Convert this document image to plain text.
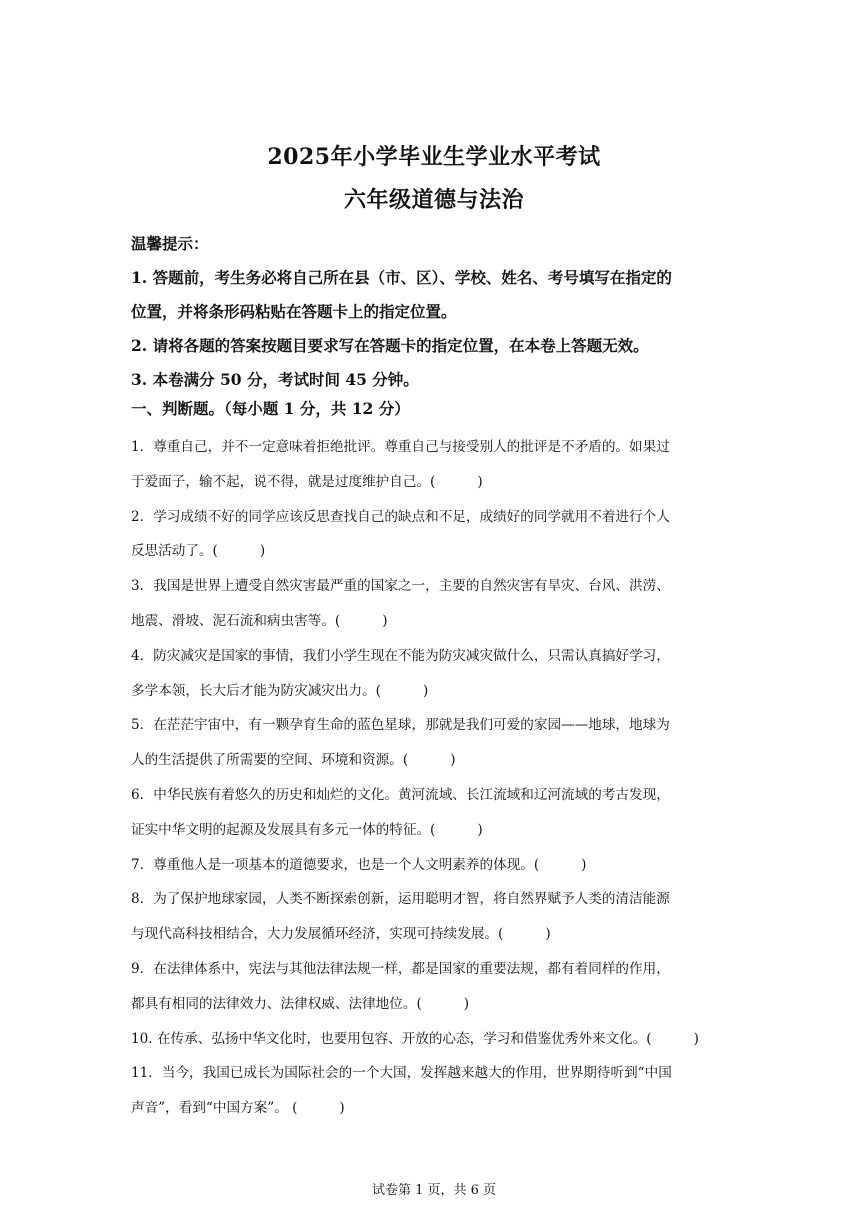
2025年小学毕业生学业水平考试
六年级道德与法治
温馨提示：
1. 答题前，考生务必将自己所在县（市、区）、学校、姓名、考号填写在指定的
位置，并将条形码粘贴在答题卡上的指定位置。
2. 请将各题的答案按题目要求写在答题卡的指定位置，在本卷上答题无效。
3. 本卷满分 50 分，考试时间 45 分钟。
一、判断题。（每小题 1 分，共 12 分）
1．尊重自己，并不一定意味着拒绝批评。尊重自己与接受别人的批评是不矛盾的。如果过
于爱面子，输不起，说不得，就是过度维护自己。(	)
2．学习成绩不好的同学应该反思查找自己的缺点和不足，成绩好的同学就用不着进行个人
反思活动了。(	)
3．我国是世界上遭受自然灾害最严重的国家之一，主要的自然灾害有旱灾、台风、洪涝、
地震、滑坡、泥石流和病虫害等。(	)
4．防灾减灾是国家的事情，我们小学生现在不能为防灾减灾做什么，只需认真搞好学习，
多学本领，长大后才能为防灾减灾出力。(	)
5．在茫茫宇宙中，有一颗孕育生命的蓝色星球，那就是我们可爱的家园——地球，地球为
人的生活提供了所需要的空间、环境和资源。(	)
6．中华民族有着悠久的历史和灿烂的文化。黄河流域、长江流域和辽河流域的考古发现，
证实中华文明的起源及发展具有多元一体的特征。(	)
7．尊重他人是一项基本的道德要求，也是一个人文明素养的体现。(	)
8．为了保护地球家园，人类不断探索创新，运用聪明才智，将自然界赋予人类的清洁能源
与现代高科技相结合，大力发展循环经济，实现可持续发展。(	)
9．在法律体系中，宪法与其他法律法规一样，都是国家的重要法规，都有着同样的作用，
都具有相同的法律效力、法律权威、法律地位。(	)
10. 在传承、弘扬中华文化时，也要用包容、开放的心态，学习和借鉴优秀外来文化。(	)
11．当今，我国已成长为国际社会的一个大国，发挥越来越大的作用，世界期待听到“中国
声音”，看到“中国方案”。 (	)
试卷第 1 页，共 6 页
